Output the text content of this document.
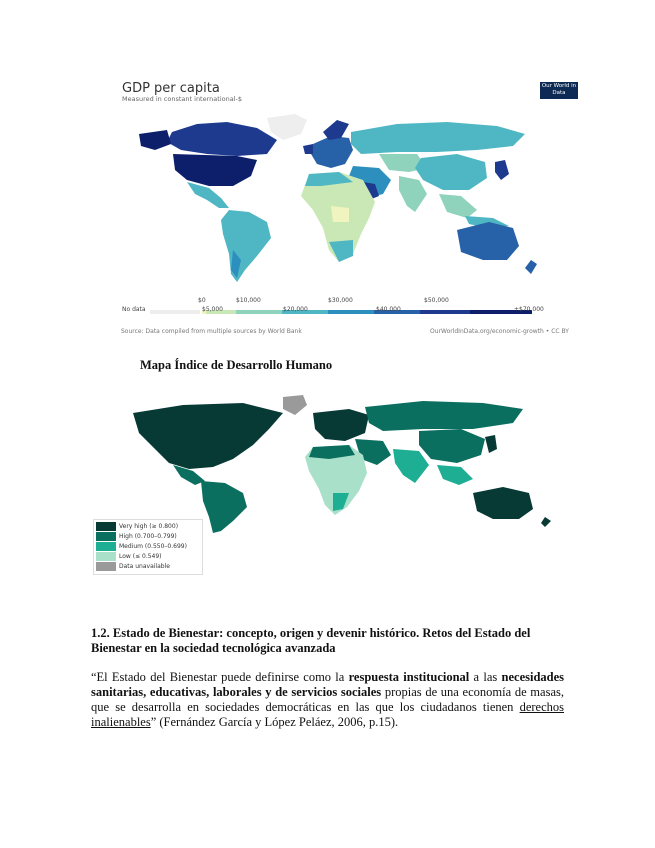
GDP per capita
Measured in constant international-$
Our World in Data
No data
$0
$5,000
$10,000
$20,000
$30,000
$40,000
$50,000
+$70,000
Source: Data compiled from multiple sources by World Bank	OurWorldInData.org/economic-growth • CC BY
Mapa Índice de Desarrollo Humano
Very high (≥ 0.800)
High (0.700–0.799)
Medium (0.550–0.699)
Low (≤ 0.549)
Data unavailable
1.2. Estado de Bienestar: concepto, origen y devenir histórico. Retos del Estado del Bienestar en la sociedad tecnológica avanzada
“El Estado del Bienestar puede definirse como la respuesta institucional a las necesidades sanitarias, educativas, laborales y de servicios sociales propias de una economía de masas, que se desarrolla en sociedades democráticas en las que los ciudadanos tienen derechos inalienables” (Fernández García y López Peláez, 2006, p.15).
